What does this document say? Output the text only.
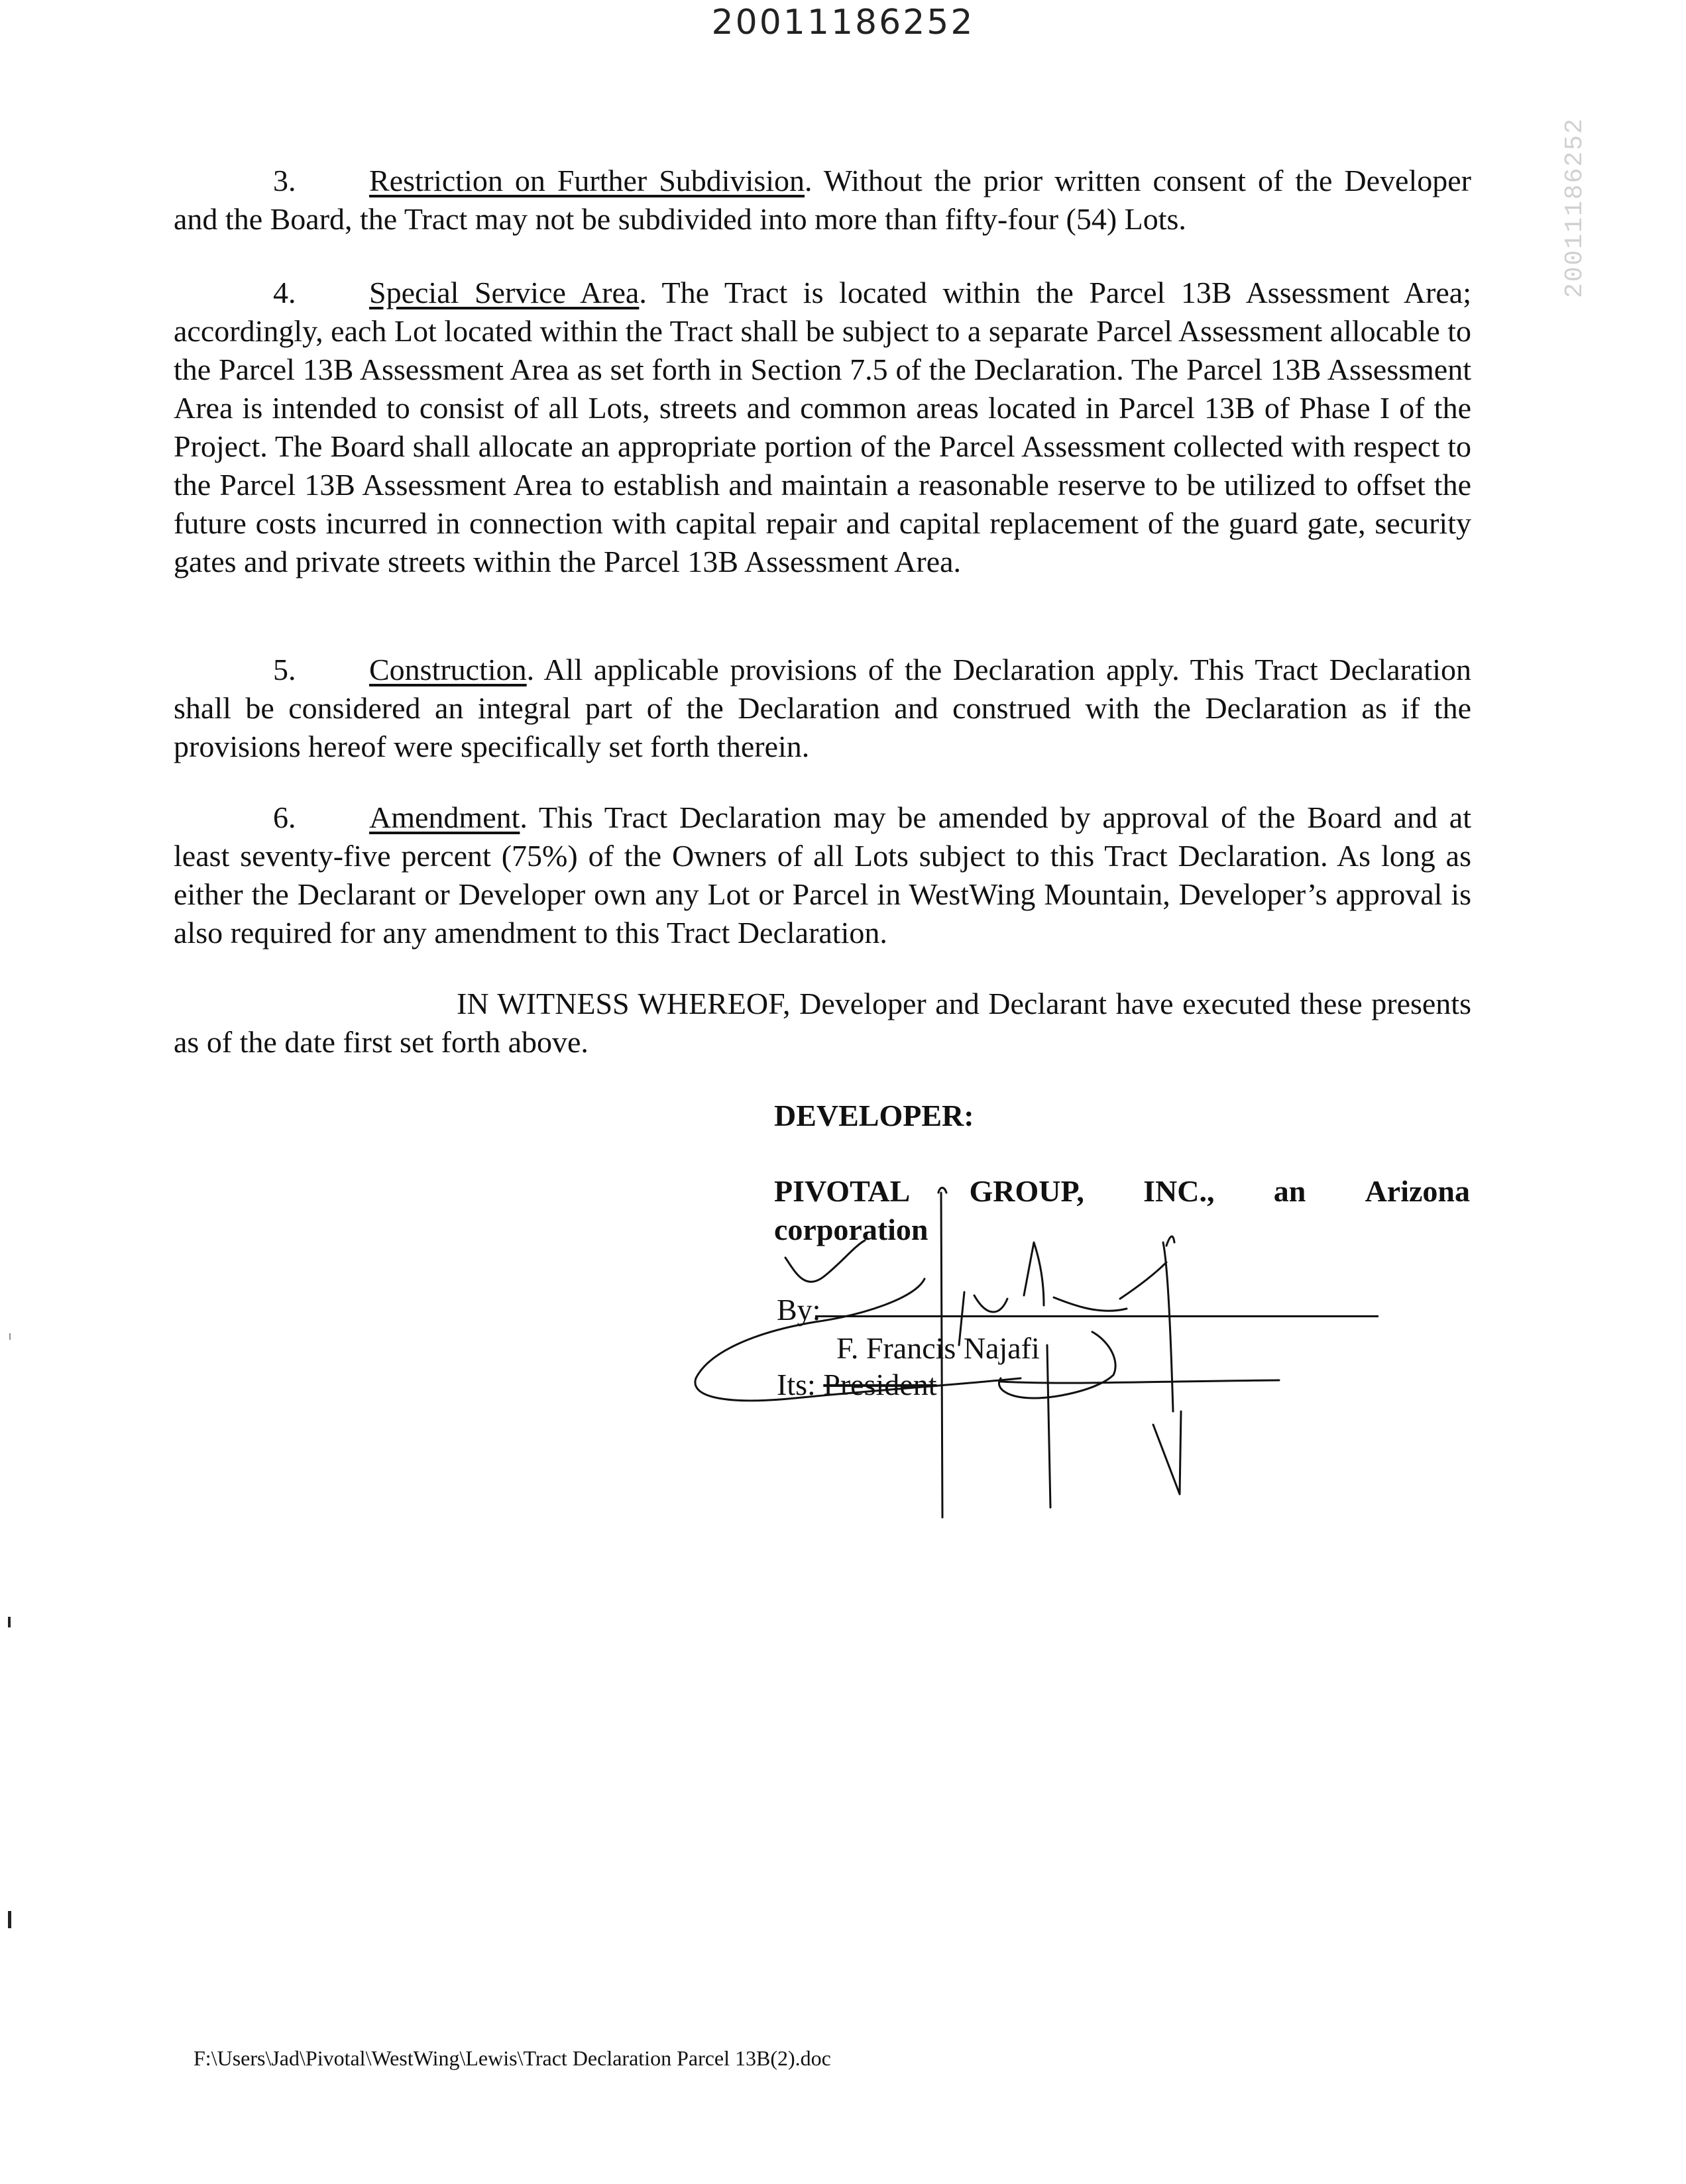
20011186252
20011186252
3. Restriction on Further Subdivision. Without the prior written consent of the Developer and the Board, the Tract may not be subdivided into more than fifty-four (54) Lots.
4. Special Service Area. The Tract is located within the Parcel 13B Assessment Area; accordingly, each Lot located within the Tract shall be subject to a separate Parcel Assessment allocable to the Parcel 13B Assessment Area as set forth in Section 7.5 of the Declaration. The Parcel 13B Assessment Area is intended to consist of all Lots, streets and common areas located in Parcel 13B of Phase I of the Project. The Board shall allocate an appropriate portion of the Parcel Assessment collected with respect to the Parcel 13B Assessment Area to establish and maintain a reasonable reserve to be utilized to offset the future costs incurred in connection with capital repair and capital replacement of the guard gate, security gates and private streets within the Parcel 13B Assessment Area.
5. Construction. All applicable provisions of the Declaration apply. This Tract Declaration shall be considered an integral part of the Declaration and construed with the Declaration as if the provisions hereof were specifically set forth therein.
6. Amendment. This Tract Declaration may be amended by approval of the Board and at least seventy-five percent (75%) of the Owners of all Lots subject to this Tract Declaration. As long as either the Declarant or Developer own any Lot or Parcel in WestWing Mountain, Developer’s approval is also required for any amendment to this Tract Declaration.
IN WITNESS WHEREOF, Developer and Declarant have executed these presents as of the date first set forth above.
DEVELOPER:
PIVOTAL GROUP, INC., an Arizona
corporation
By:
F. Francis Najafi
Its: President
F:\Users\Jad\Pivotal\WestWing\Lewis\Tract Declaration Parcel 13B(2).doc
